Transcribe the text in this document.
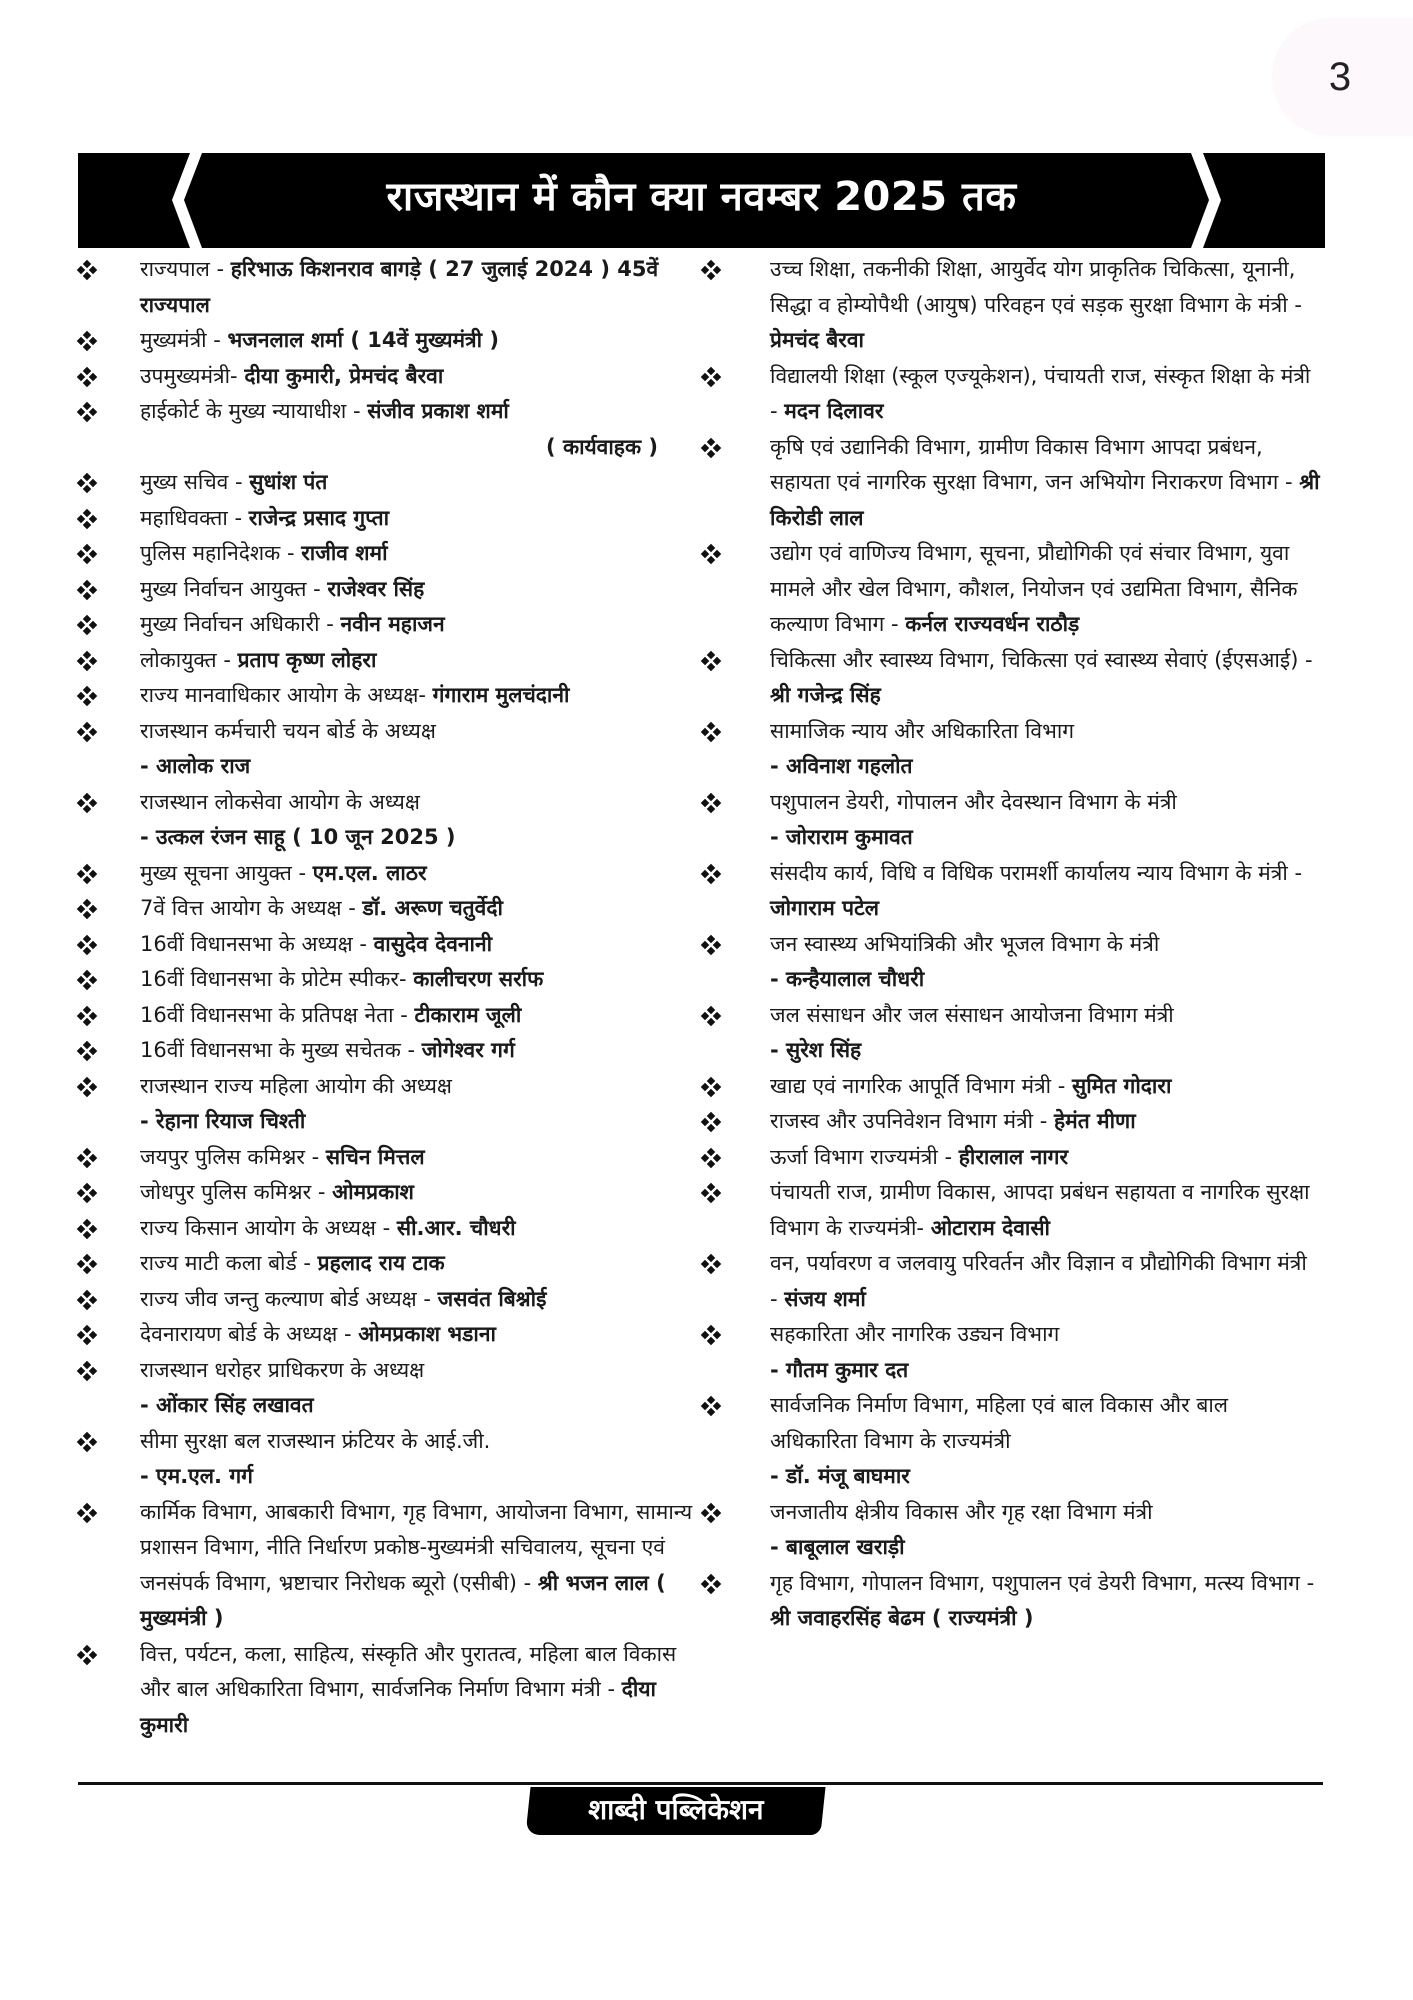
3
राजस्थान में कौन क्या नवम्बर 2025 तक
राज्यपाल - हरिभाऊ किशनराव बागड़े ( 27 जुलाई 2024 ) 45वें राज्यपाल
मुख्यमंत्री - भजनलाल शर्मा ( 14वें मुख्यमंत्री )
उपमुख्यमंत्री- दीया कुमारी, प्रेमचंद बैरवा
हाईकोर्ट के मुख्य न्यायाधीश - संजीव प्रकाश शर्मा
( कार्यवाहक )
मुख्य सचिव - सुधांश पंत
महाधिवक्ता - राजेन्द्र प्रसाद गुप्ता
पुलिस महानिदेशक - राजीव शर्मा
मुख्य निर्वाचन आयुक्त - राजेश्वर सिंह
मुख्य निर्वाचन अधिकारी - नवीन महाजन
लोकायुक्त - प्रताप कृष्ण लोहरा
राज्य मानवाधिकार आयोग के अध्यक्ष- गंगाराम मुलचंदानी
राजस्थान कर्मचारी चयन बोर्ड के अध्यक्ष
- आलोक राज
राजस्थान लोकसेवा आयोग के अध्यक्ष
- उत्कल रंजन साहू ( 10 जून 2025 )
मुख्य सूचना आयुक्त - एम.एल. लाठर
7वें वित्त आयोग के अध्यक्ष - डॉ. अरूण चतुर्वेदी
16वीं विधानसभा के अध्यक्ष - वासुदेव देवनानी
16वीं विधानसभा के प्रोटेम स्पीकर- कालीचरण सर्राफ
16वीं विधानसभा के प्रतिपक्ष नेता - टीकाराम जूली
16वीं विधानसभा के मुख्य सचेतक - जोगेश्वर गर्ग
राजस्थान राज्य महिला आयोग की अध्यक्ष
- रेहाना रियाज चिश्ती
जयपुर पुलिस कमिश्नर - सचिन मित्तल
जोधपुर पुलिस कमिश्नर - ओमप्रकाश
राज्य किसान आयोग के अध्यक्ष - सी.आर. चौधरी
राज्य माटी कला बोर्ड - प्रहलाद राय टाक
राज्य जीव जन्तु कल्याण बोर्ड अध्यक्ष - जसवंत बिश्नोई
देवनारायण बोर्ड के अध्यक्ष - ओमप्रकाश भडाना
राजस्थान धरोहर प्राधिकरण के अध्यक्ष
- ओंकार सिंह लखावत
सीमा सुरक्षा बल राजस्थान फ्रंटियर के आई.जी.
- एम.एल. गर्ग
कार्मिक विभाग, आबकारी विभाग, गृह विभाग, आयोजना विभाग, सामान्य प्रशासन विभाग, नीति निर्धारण प्रकोष्ठ-मुख्यमंत्री सचिवालय, सूचना एवं जनसंपर्क विभाग, भ्रष्टाचार निरोधक ब्यूरो (एसीबी) - श्री भजन लाल ( मुख्यमंत्री )
वित्त, पर्यटन, कला, साहित्य, संस्कृति और पुरातत्व, महिला बाल विकास और बाल अधिकारिता विभाग, सार्वजनिक निर्माण विभाग मंत्री - दीया कुमारी
उच्च शिक्षा, तकनीकी शिक्षा, आयुर्वेद योग प्राकृतिक चिकित्सा, यूनानी, सिद्धा व होम्योपैथी (आयुष) परिवहन एवं सड़क सुरक्षा विभाग के मंत्री - प्रेमचंद बैरवा
विद्यालयी शिक्षा (स्कूल एज्यूकेशन), पंचायती राज, संस्कृत शिक्षा के मंत्री - मदन दिलावर
कृषि एवं उद्यानिकी विभाग, ग्रामीण विकास विभाग आपदा प्रबंधन, सहायता एवं नागरिक सुरक्षा विभाग, जन अभियोग निराकरण विभाग - श्री किरोडी लाल
उद्योग एवं वाणिज्य विभाग, सूचना, प्रौद्योगिकी एवं संचार विभाग, युवा मामले और खेल विभाग, कौशल, नियोजन एवं उद्यमिता विभाग, सैनिक कल्याण विभाग - कर्नल राज्यवर्धन राठौड़
चिकित्सा और स्वास्थ्य विभाग, चिकित्सा एवं स्वास्थ्य सेवाएं (ईएसआई) - श्री गजेन्द्र सिंह
सामाजिक न्याय और अधिकारिता विभाग
- अविनाश गहलोत
पशुपालन डेयरी, गोपालन और देवस्थान विभाग के मंत्री
- जोराराम कुमावत
संसदीय कार्य, विधि व विधिक परामर्शी कार्यालय न्याय विभाग के मंत्री - जोगाराम पटेल
जन स्वास्थ्य अभियांत्रिकी और भूजल विभाग के मंत्री
- कन्हैयालाल चौधरी
जल संसाधन और जल संसाधन आयोजना विभाग मंत्री
- सुरेश सिंह
खाद्य एवं नागरिक आपूर्ति विभाग मंत्री - सुमित गोदारा
राजस्व और उपनिवेशन विभाग मंत्री - हेमंत मीणा
ऊर्जा विभाग राज्यमंत्री - हीरालाल नागर
पंचायती राज, ग्रामीण विकास, आपदा प्रबंधन सहायता व नागरिक सुरक्षा विभाग के राज्यमंत्री- ओटाराम देवासी
वन, पर्यावरण व जलवायु परिवर्तन और विज्ञान व प्रौद्योगिकी विभाग मंत्री - संजय शर्मा
सहकारिता और नागरिक उड्यन विभाग
- गौतम कुमार दत
सार्वजनिक निर्माण विभाग, महिला एवं बाल विकास और बाल अधिकारिता विभाग के राज्यमंत्री
- डॉ. मंजू बाघमार
जनजातीय क्षेत्रीय विकास और गृह रक्षा विभाग मंत्री
- बाबूलाल खराड़ी
गृह विभाग, गोपालन विभाग, पशुपालन एवं डेयरी विभाग, मत्स्य विभाग - श्री जवाहरसिंह बेढम ( राज्यमंत्री )
शाब्दी पब्लिकेशन
